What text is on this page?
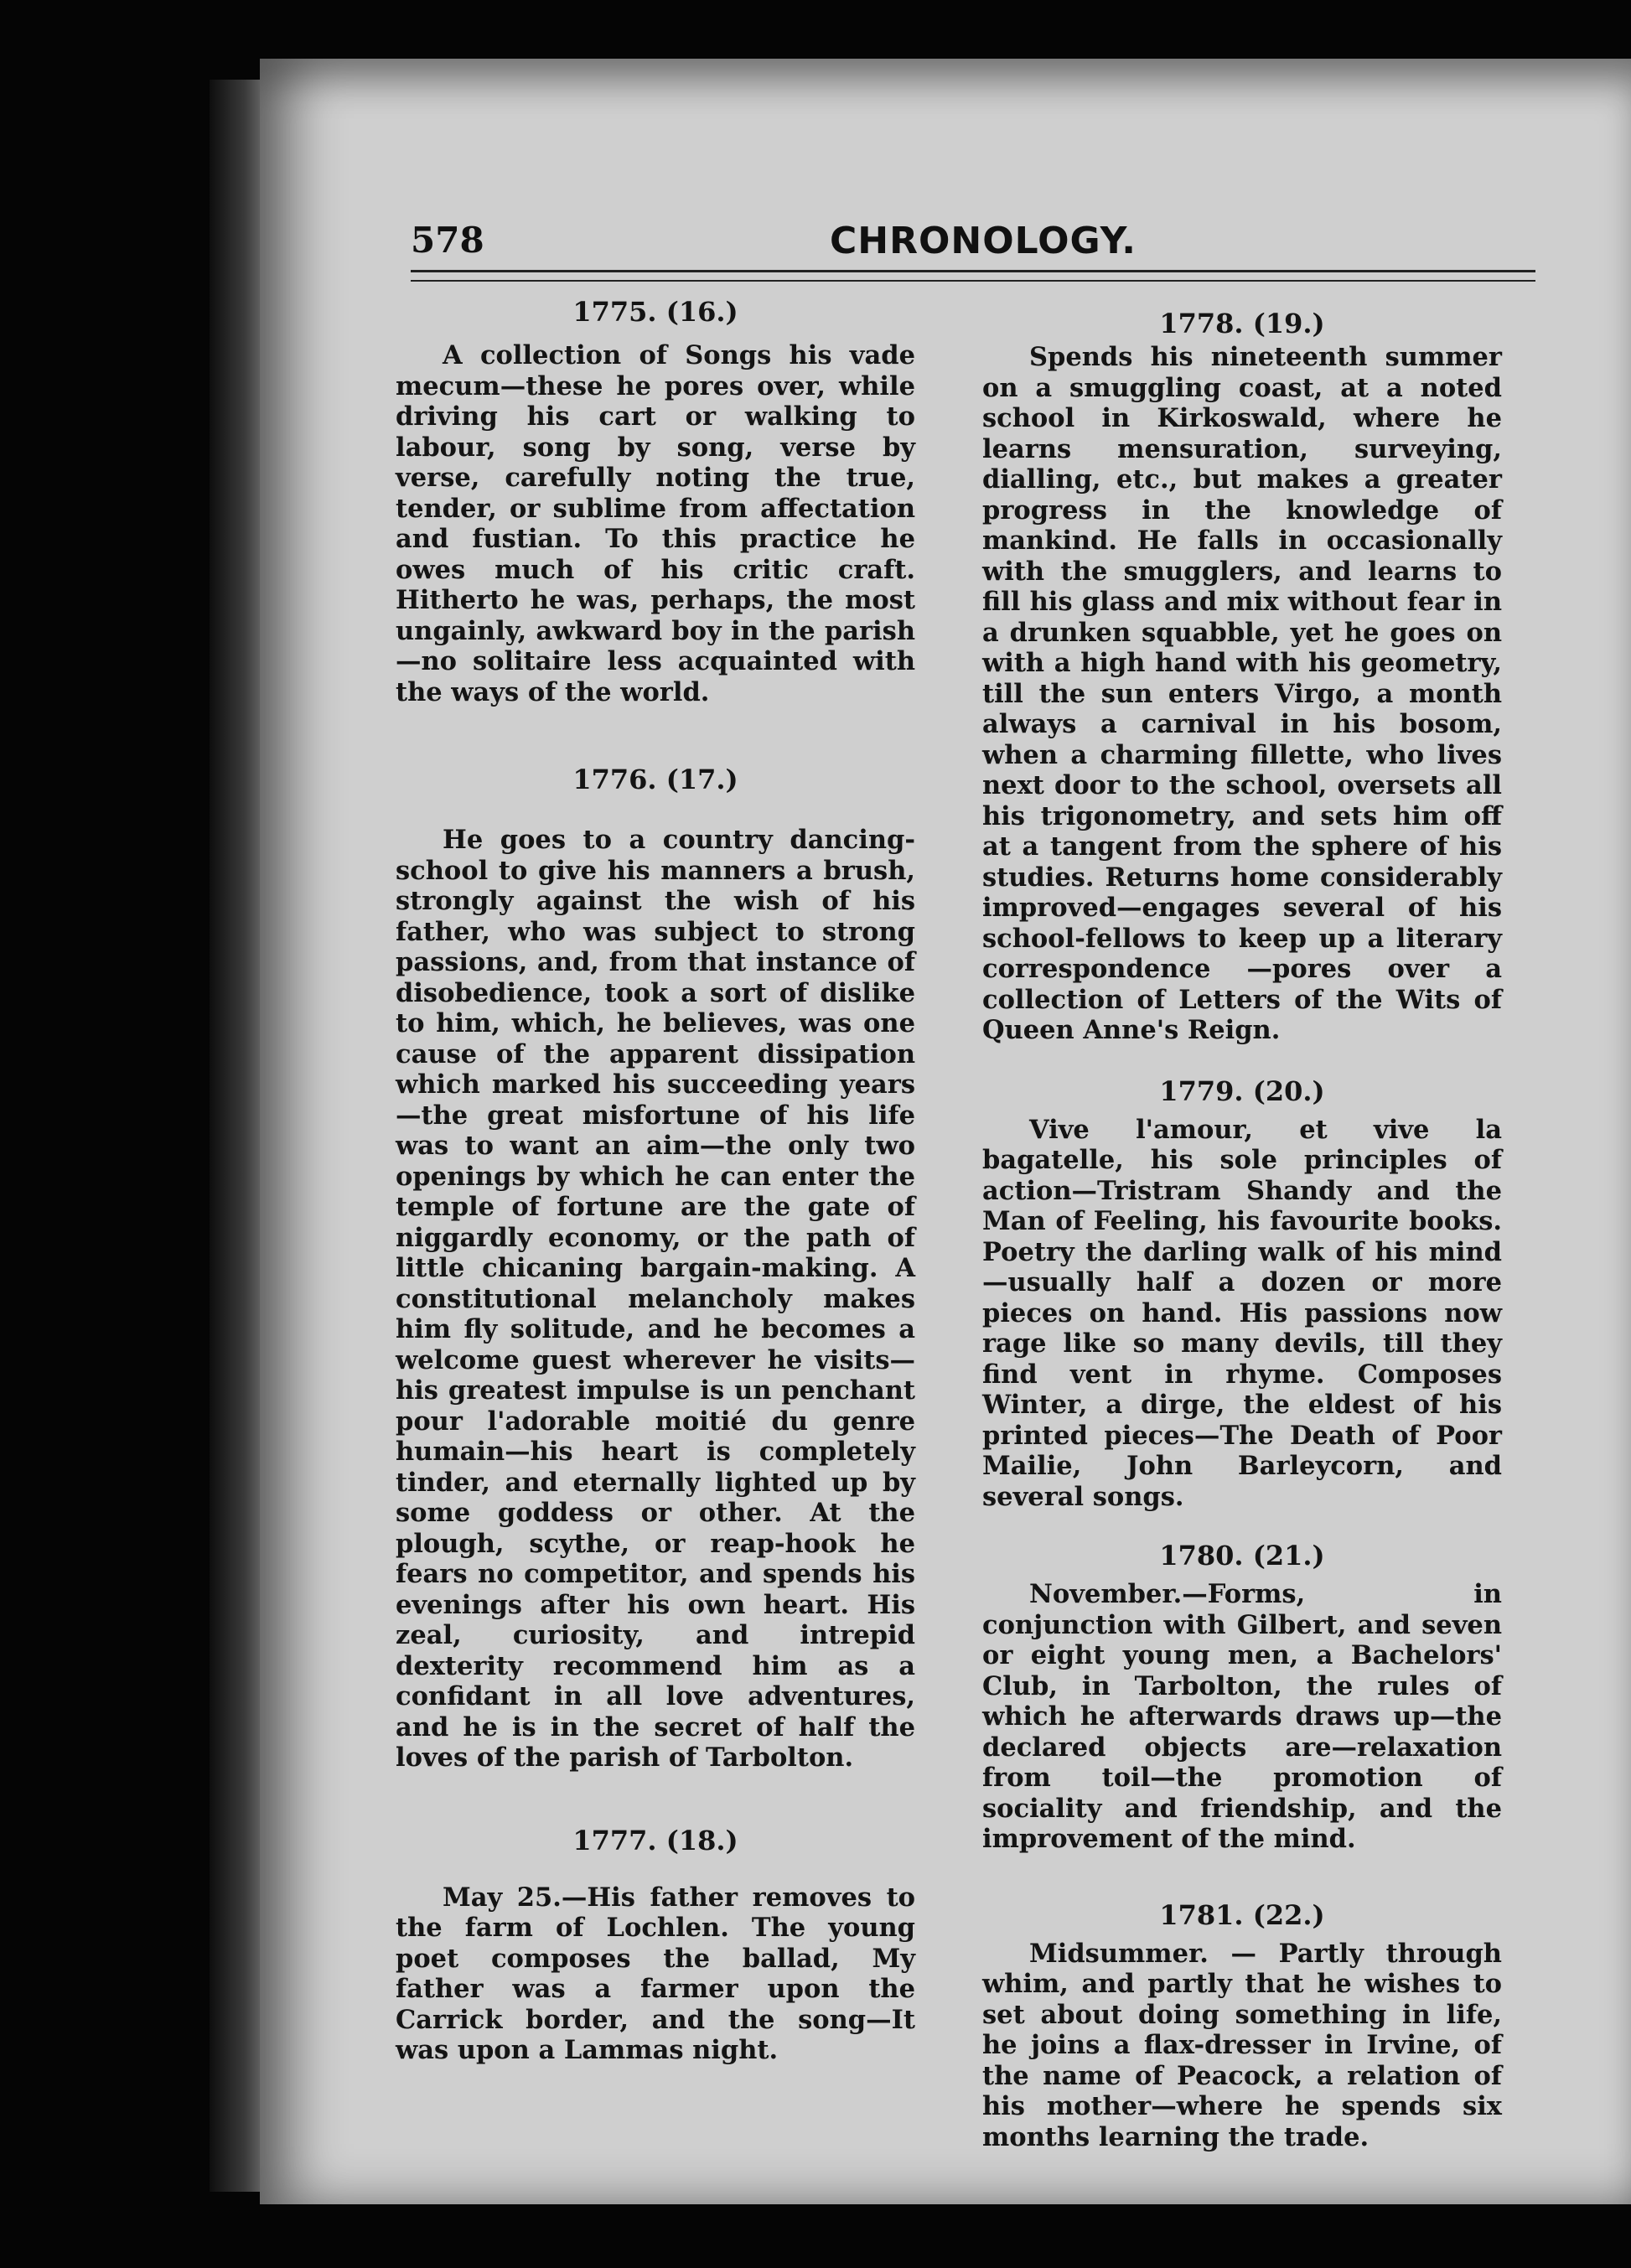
578	CHRONOLOGY.
1775. (16.)

A collection of Songs his vade mecum—these he pores over, while driving his cart or walking to labour, song by song, verse by verse, carefully noting the true, tender, or sublime from affectation and fustian. To this practice he owes much of his critic craft. Hitherto he was, perhaps, the most ungainly, awkward boy in the parish—no solitaire less acquainted with the ways of the world.

1776. (17.)

He goes to a country dancing-school to give his manners a brush, strongly against the wish of his father, who was subject to strong passions, and, from that instance of disobedience, took a sort of dislike to him, which, he believes, was one cause of the apparent dissipation which marked his succeeding years —the great misfortune of his life was to want an aim—the only two openings by which he can enter the temple of fortune are the gate of niggardly economy, or the path of little chicaning bargain-making. A constitutional melancholy makes him fly solitude, and he becomes a welcome guest wherever he visits—his greatest impulse is un penchant pour l'adorable moitié du genre humain—his heart is completely tinder, and eternally lighted up by some goddess or other. At the plough, scythe, or reap-hook he fears no competitor, and spends his evenings after his own heart. His zeal, curiosity, and intrepid dexterity recommend him as a confidant in all love adventures, and he is in the secret of half the loves of the parish of Tarbolton.

1777. (18.)

May 25.—His father removes to the farm of Lochlen. The young poet composes the ballad, My father was a farmer upon the Carrick border, and the song—It was upon a Lammas night.

1778. (19.)

Spends his nineteenth summer on a smuggling coast, at a noted school in Kirkoswald, where he learns mensuration, surveying, dialling, etc., but makes a greater progress in the knowledge of mankind. He falls in occasionally with the smugglers, and learns to fill his glass and mix without fear in a drunken squabble, yet he goes on with a high hand with his geometry, till the sun enters Virgo, a month always a carnival in his bosom, when a charming fillette, who lives next door to the school, oversets all his trigonometry, and sets him off at a tangent from the sphere of his studies. Returns home considerably improved—engages several of his school-fellows to keep up a literary correspondence —pores over a collection of Letters of the Wits of Queen Anne's Reign.

1779. (20.)

Vive l'amour, et vive la bagatelle, his sole principles of action—Tristram Shandy and the Man of Feeling, his favourite books. Poetry the darling walk of his mind—usually half a dozen or more pieces on hand. His passions now rage like so many devils, till they find vent in rhyme. Composes Winter, a dirge, the eldest of his printed pieces—The Death of Poor Mailie, John Barleycorn, and several songs.

1780. (21.)

November.—Forms, in conjunction with Gilbert, and seven or eight young men, a Bachelors' Club, in Tarbolton, the rules of which he afterwards draws up—the declared objects are—relaxation from toil—the promotion of sociality and friendship, and the improvement of the mind.

1781. (22.)

Midsummer. — Partly through whim, and partly that he wishes to set about doing something in life, he joins a flax-dresser in Irvine, of the name of Peacock, a relation of his mother—where he spends six months learning the trade.
